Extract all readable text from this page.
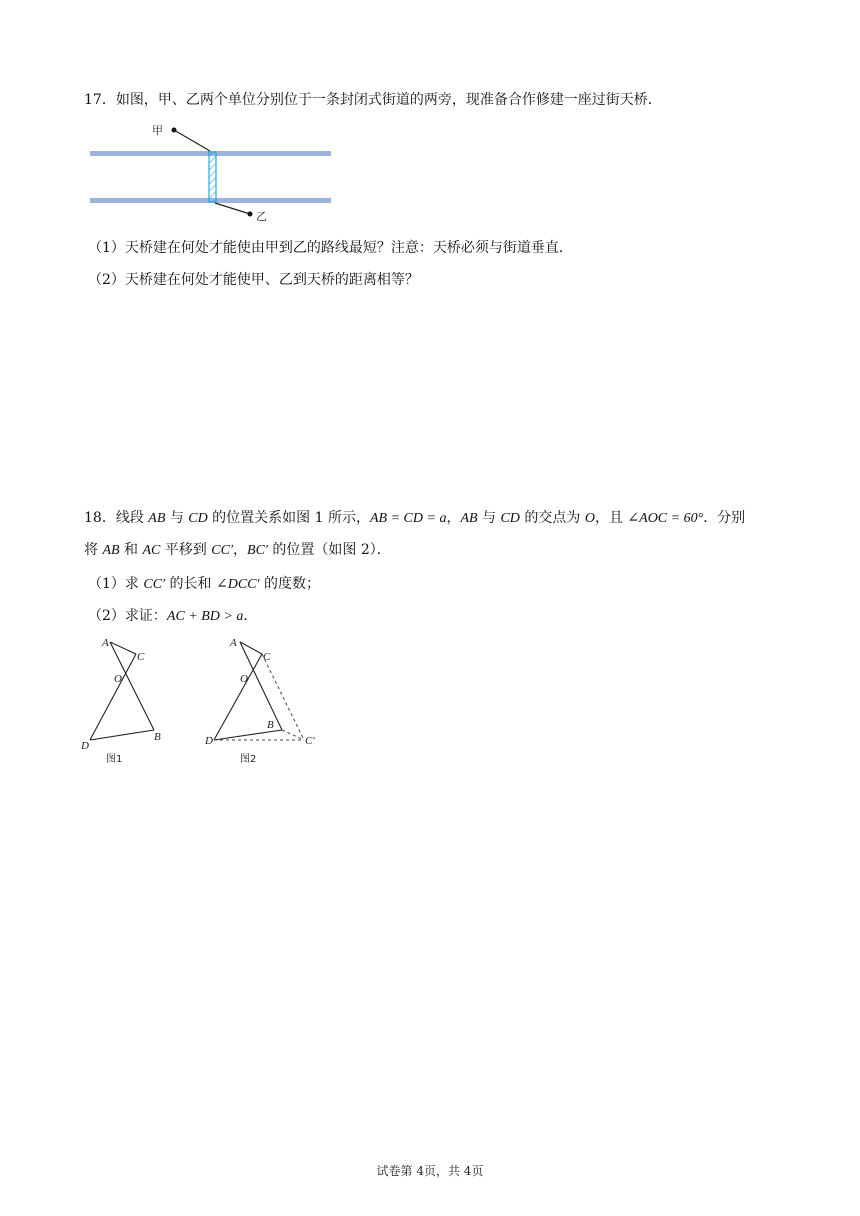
17．如图，甲、乙两个单位分别位于一条封闭式街道的两旁，现准备合作修建一座过街天桥．
甲
乙
（1）天桥建在何处才能使由甲到乙的路线最短？注意：天桥必须与街道垂直．
（2）天桥建在何处才能使甲、乙到天桥的距离相等？
18．线段 AB 与 CD 的位置关系如图 1 所示，AB = CD = a，AB 与 CD 的交点为 O，且 ∠AOC = 60°．分别
将 AB 和 AC 平移到 CC′，BC′ 的位置（如图 2）．
（1）求 CC′ 的长和 ∠DCC′ 的度数；
（2）求证：AC + BD > a．
A
C
O
D
B
图1
A
C
O
B
D	C′
图2
试卷第 4页，共 4页
